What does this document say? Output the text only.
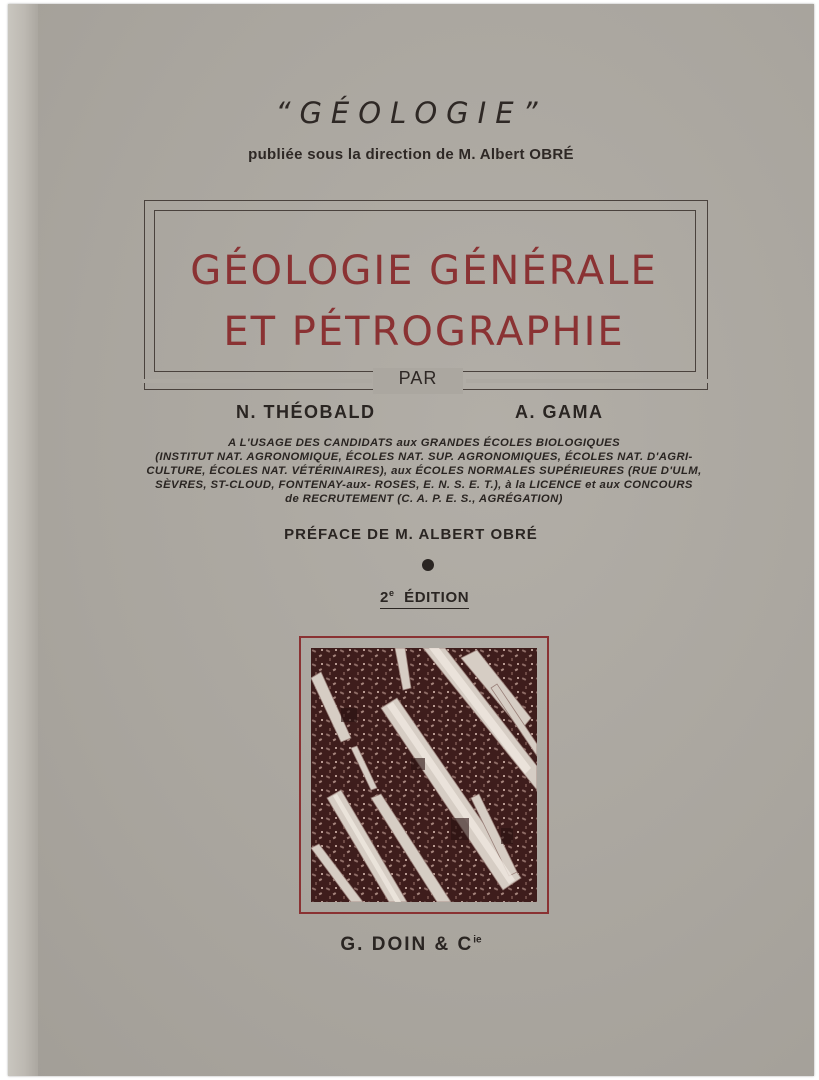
“GÉOLOGIE”
publiée sous la direction de M. Albert OBRÉ
GÉOLOGIE GÉNÉRALE
ET PÉTROGRAPHIE
PAR
N. THÉOBALD	A. GAMA
A L'USAGE DES CANDIDATS aux GRANDES ÉCOLES BIOLOGIQUES
(INSTITUT NAT. AGRONOMIQUE, ÉCOLES NAT. SUP. AGRONOMIQUES, ÉCOLES NAT. D'AGRI-
CULTURE, ÉCOLES NAT. VÉTÉRINAIRES), aux ÉCOLES NORMALES SUPÉRIEURES (RUE D'ULM,
SÈVRES, ST-CLOUD, FONTENAY-aux- ROSES, E. N. S. E. T.), à la LICENCE et aux CONCOURS
de RECRUTEMENT (C. A. P. E. S., AGRÉGATION)
PRÉFACE DE M. ALBERT OBRÉ
2e ÉDITION
G. DOIN & $C^{ie}$
